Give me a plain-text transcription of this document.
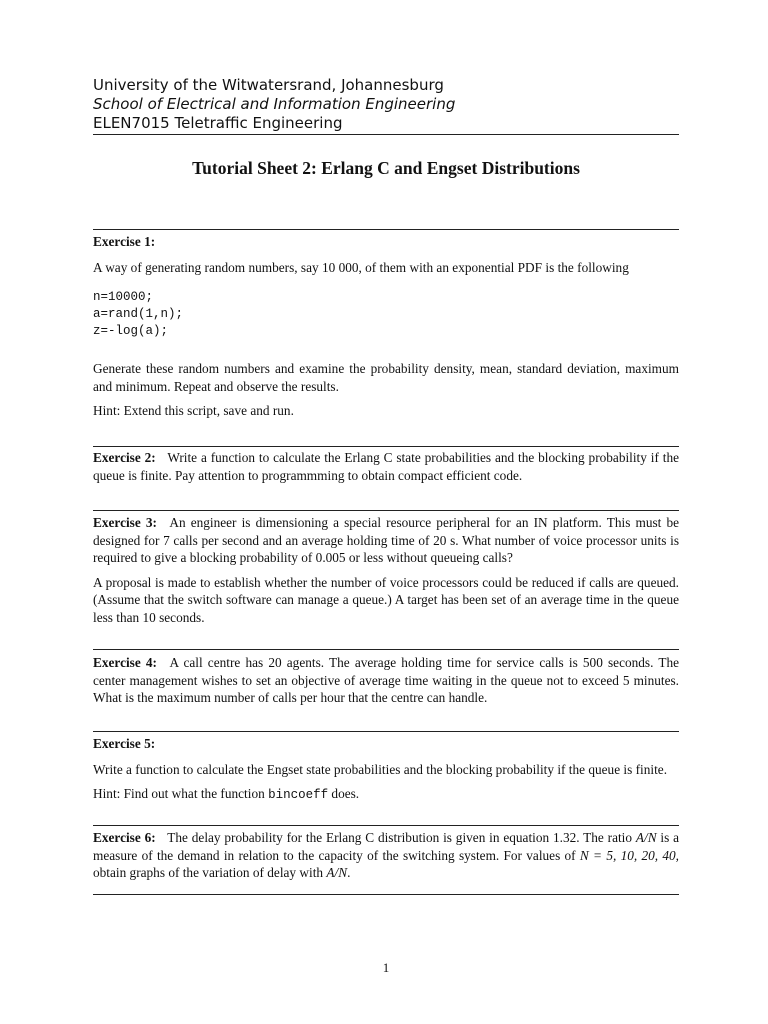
University of the Witwatersrand, Johannesburg
School of Electrical and Information Engineering
ELEN7015 Teletraffic Engineering
Tutorial Sheet 2: Erlang C and Engset Distributions

Exercise 1:

A way of generating random numbers, say 10 000, of them with an exponential PDF is the following

n=10000;
a=rand(1,n);
z=-log(a);

Generate these random numbers and examine the probability density, mean, standard deviation, maximum and minimum. Repeat and observe the results.

Hint: Extend this script, save and run.

Exercise 2: Write a function to calculate the Erlang C state probabilities and the blocking probability if the queue is finite. Pay attention to programmming to obtain compact efficient code.

Exercise 3: An engineer is dimensioning a special resource peripheral for an IN platform. This must be designed for 7 calls per second and an average holding time of 20 s. What number of voice processor units is required to give a blocking probability of 0.005 or less without queueing calls?

A proposal is made to establish whether the number of voice processors could be reduced if calls are queued. (Assume that the switch software can manage a queue.) A target has been set of an average time in the queue less than 10 seconds.

Exercise 4: A call centre has 20 agents. The average holding time for service calls is 500 seconds. The center management wishes to set an objective of average time waiting in the queue not to exceed 5 minutes. What is the maximum number of calls per hour that the centre can handle.

Exercise 5:

Write a function to calculate the Engset state probabilities and the blocking probability if the queue is finite.

Hint: Find out what the function bincoeff does.

Exercise 6: The delay probability for the Erlang C distribution is given in equation 1.32. The ratio A/N is a measure of the demand in relation to the capacity of the switching system. For values of N = 5, 10, 20, 40, obtain graphs of the variation of delay with A/N.

1
